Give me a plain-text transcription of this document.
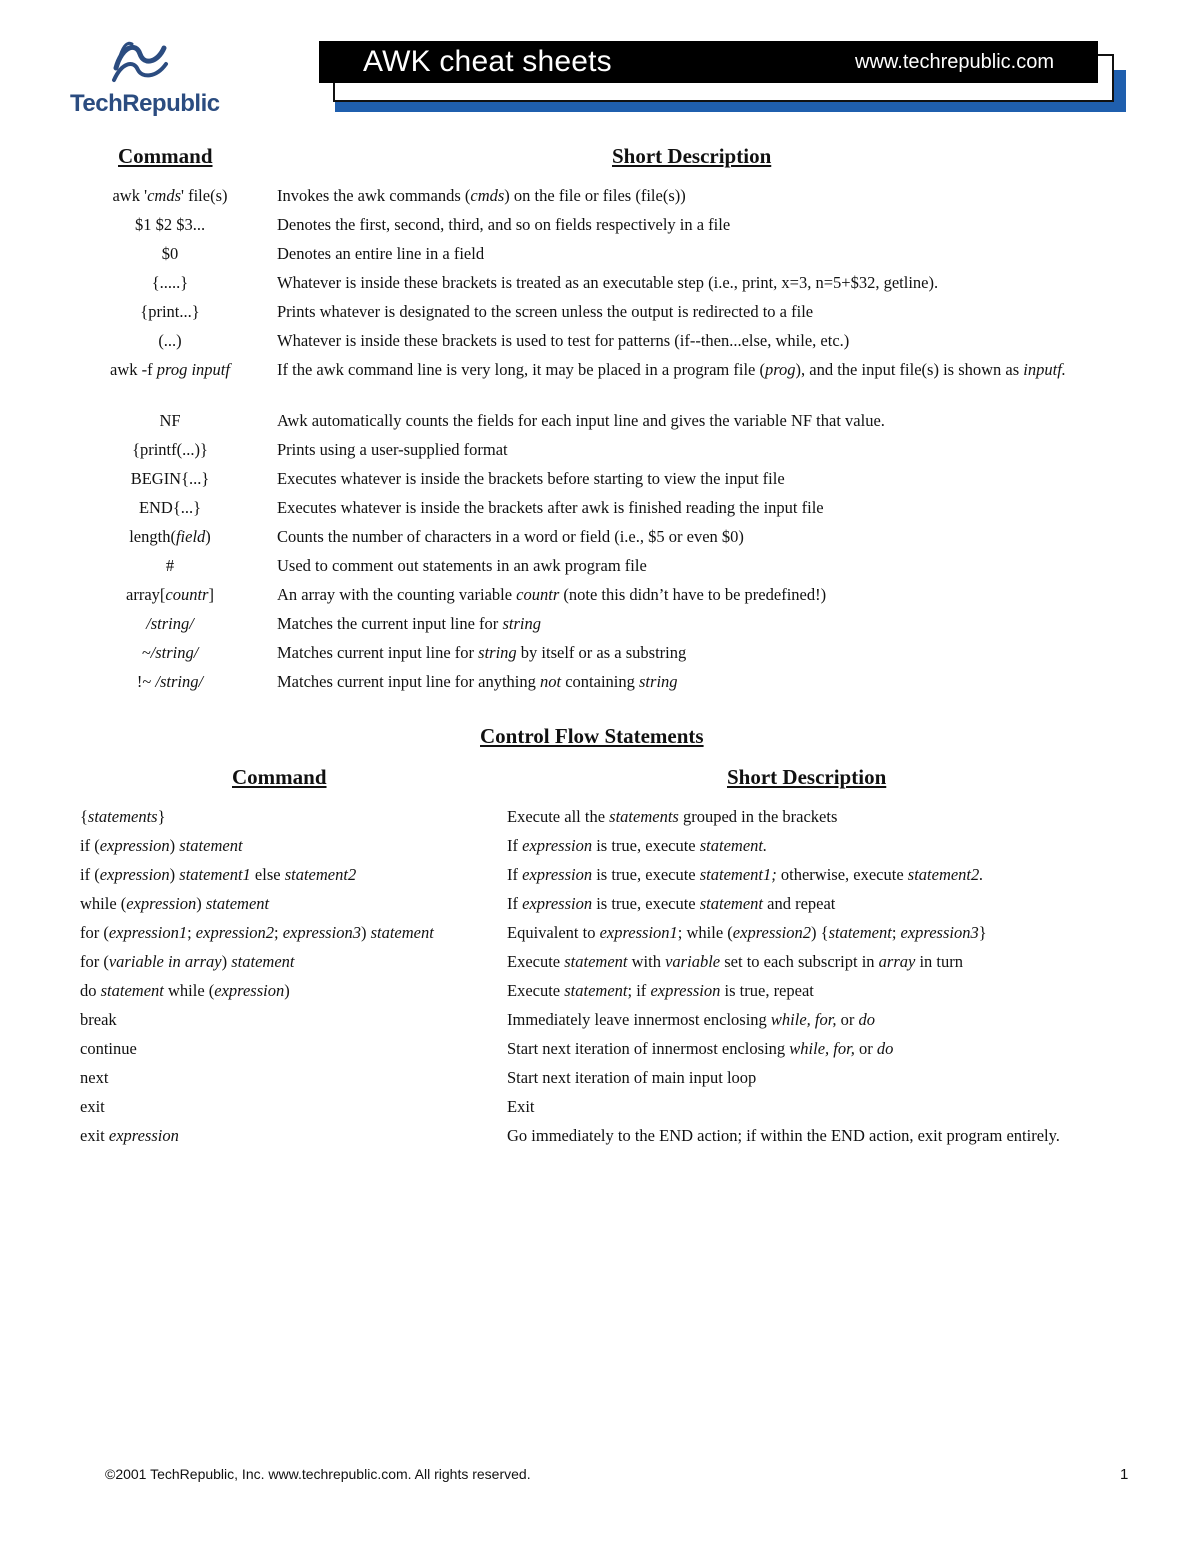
TechRepublic
AWK cheat sheets	www.techrepublic.com
Command	Short Description
awk 'cmds' file(s)	Invokes the awk commands (cmds) on the file or files (file(s))
$1 $2 $3...	Denotes the first, second, third, and so on fields respectively in a file
$0	Denotes an entire line in a field
{.....}	Whatever is inside these brackets is treated as an executable step (i.e., print, x=3, n=5+$32, getline).
{print...}	Prints whatever is designated to the screen unless the output is redirected to a file
(...)	Whatever is inside these brackets is used to test for patterns (if--then...else, while, etc.)
awk -f prog inputf	If the awk command line is very long, it may be placed in a program file (prog), and the input file(s) is shown as inputf.
NF	Awk automatically counts the fields for each input line and gives the variable NF that value.
{printf(...)}	Prints using a user-supplied format
BEGIN{...}	Executes whatever is inside the brackets before starting to view the input file
END{...}	Executes whatever is inside the brackets after awk is finished reading the input file
length(field)	Counts the number of characters in a word or field (i.e., $5 or even $0)
#	Used to comment out statements in an awk program file
array[countr]	An array with the counting variable countr (note this didn’t have to be predefined!)
/string/	Matches the current input line for string
~/string/	Matches current input line for string by itself or as a substring
!~ /string/	Matches current input line for anything not containing string
Control Flow Statements
Command	Short Description
{statements}	Execute all the statements grouped in the brackets
if (expression) statement	If expression is true, execute statement.
if (expression) statement1 else statement2	If expression is true, execute statement1; otherwise, execute statement2.
while (expression) statement	If expression is true, execute statement and repeat
for (expression1; expression2; expression3) statement	Equivalent to expression1; while (expression2) {statement; expression3}
for (variable in array) statement	Execute statement with variable set to each subscript in array in turn
do statement while (expression)	Execute statement; if expression is true, repeat
break	Immediately leave innermost enclosing while, for, or do
continue	Start next iteration of innermost enclosing while, for, or do
next	Start next iteration of main input loop
exit	Exit
exit expression	Go immediately to the END action; if within the END action, exit program entirely.
©2001 TechRepublic, Inc. www.techrepublic.com. All rights reserved.	1
